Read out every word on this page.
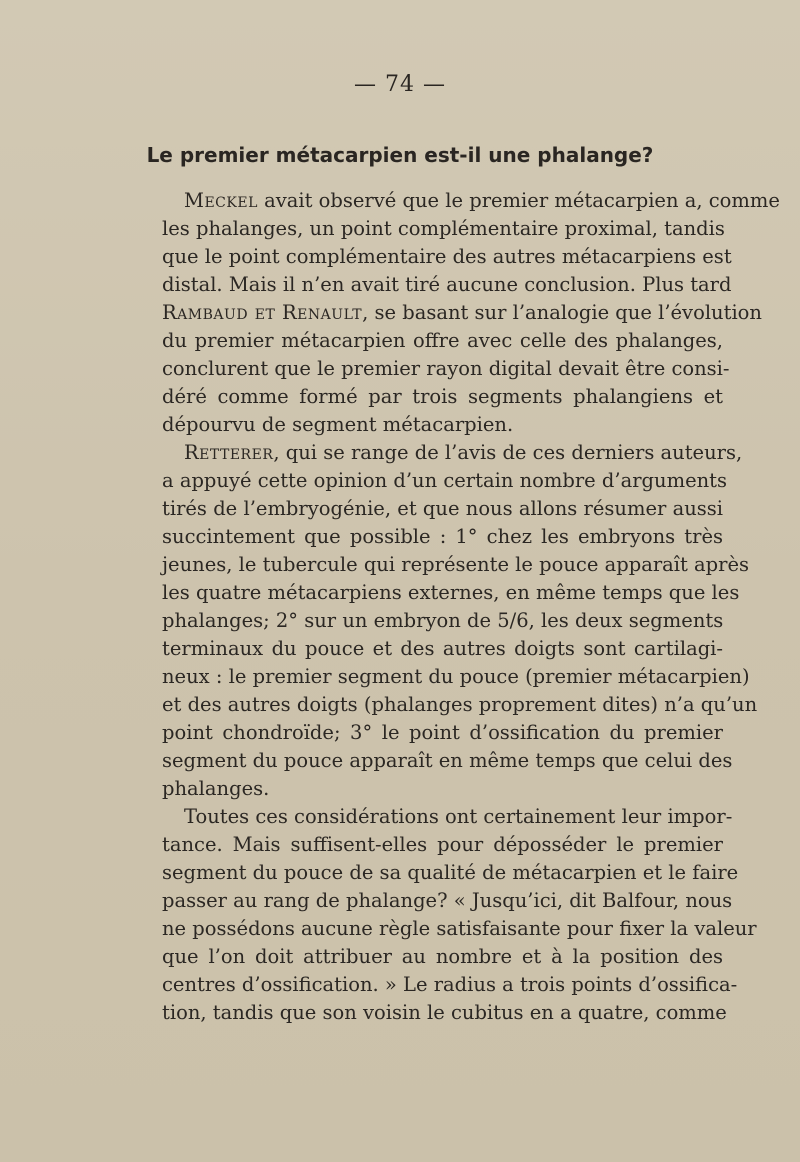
— 74 —
Le premier métacarpien est-il une phalange?
Meckel avait observé que le premier métacarpien a, comme
les phalanges, un point complémentaire proximal, tandis
que le point complémentaire des autres métacarpiens est
distal. Mais il n’en avait tiré aucune conclusion. Plus tard
Rambaud et Renault, se basant sur l’analogie que l’évolution
du premier métacarpien offre avec celle des phalanges,
conclurent que le premier rayon digital devait être consi-
déré comme formé par trois segments phalangiens et
dépourvu de segment métacarpien.
Retterer, qui se range de l’avis de ces derniers auteurs,
a appuyé cette opinion d’un certain nombre d’arguments
tirés de l’embryogénie, et que nous allons résumer aussi
succintement que possible : 1° chez les embryons très
jeunes, le tubercule qui représente le pouce apparaît après
les quatre métacarpiens externes, en même temps que les
phalanges; 2° sur un embryon de 5/6, les deux segments
terminaux du pouce et des autres doigts sont cartilagi-
neux : le premier segment du pouce (premier métacarpien)
et des autres doigts (phalanges proprement dites) n’a qu’un
point chondroïde; 3° le point d’ossification du premier
segment du pouce apparaît en même temps que celui des
phalanges.
Toutes ces considérations ont certainement leur impor-
tance. Mais suffisent-elles pour déposséder le premier
segment du pouce de sa qualité de métacarpien et le faire
passer au rang de phalange? « Jusqu’ici, dit Balfour, nous
ne possédons aucune règle satisfaisante pour fixer la valeur
que l’on doit attribuer au nombre et à la position des
centres d’ossification. » Le radius a trois points d’ossifica-
tion, tandis que son voisin le cubitus en a quatre, comme
